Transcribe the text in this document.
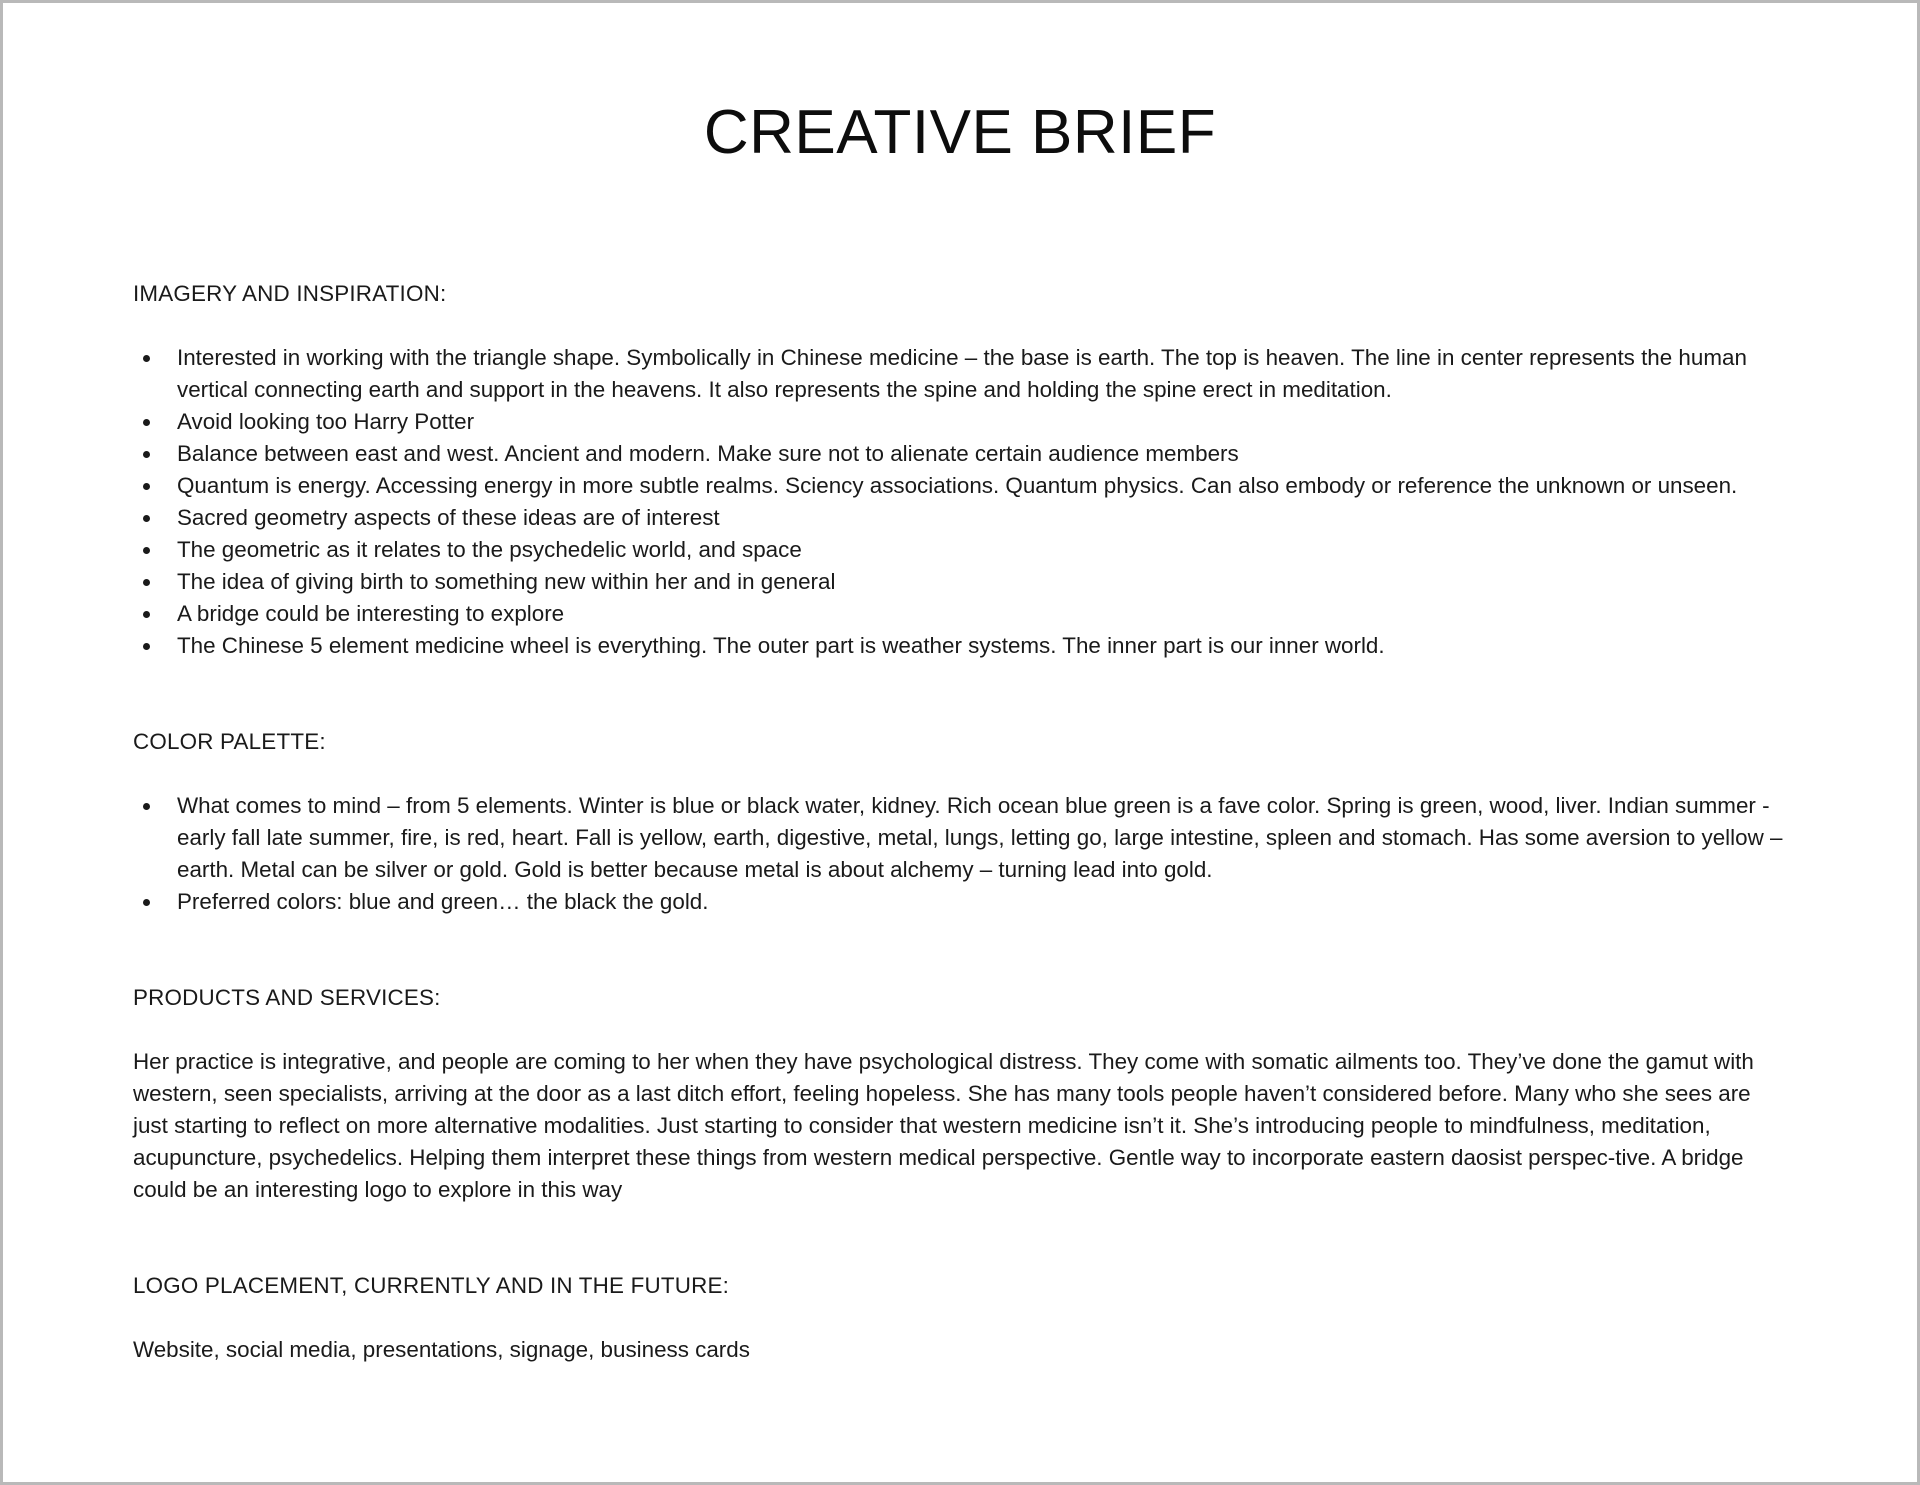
CREATIVE BRIEF
IMAGERY AND INSPIRATION:
Interested in working with the triangle shape. Symbolically in Chinese medicine – the base is earth. The top is heaven. The line in center represents the human vertical connecting earth and support in the heavens. It also represents the spine and holding the spine erect in meditation.
Avoid looking too Harry Potter
Balance between east and west. Ancient and modern. Make sure not to alienate certain audience members
Quantum is energy. Accessing energy in more subtle realms. Sciency associations. Quantum physics. Can also embody or reference the unknown or unseen.
Sacred geometry aspects of these ideas are of interest
The geometric as it relates to the psychedelic world, and space
The idea of giving birth to something new within her and in general
A bridge could be interesting to explore
The Chinese 5 element medicine wheel is everything. The outer part is weather systems. The inner part is our inner world.
COLOR PALETTE:
What comes to mind – from 5 elements. Winter is blue or black water, kidney. Rich ocean blue green is a fave color. Spring is green, wood, liver. Indian summer - early fall late summer, fire, is red, heart. Fall is yellow, earth, digestive, metal, lungs, letting go, large intestine, spleen and stomach. Has some aversion to yellow – earth. Metal can be silver or gold. Gold is better because metal is about alchemy – turning lead into gold.
Preferred colors: blue and green… the black the gold.
PRODUCTS AND SERVICES:

Her practice is integrative, and people are coming to her when they have psychological distress. They come with somatic ailments too. They’ve done the gamut with western, seen specialists, arriving at the door as a last ditch effort, feeling hopeless. She has many tools people haven’t considered before. Many who she sees are just starting to reflect on more alternative modalities. Just starting to consider that western medicine isn’t it. She’s introducing people to mindfulness, meditation, acupuncture, psychedelics. Helping them interpret these things from western medical perspective. Gentle way to incorporate eastern daosist perspec-tive. A bridge could be an interesting logo to explore in this way

LOGO PLACEMENT, CURRENTLY AND IN THE FUTURE:

Website, social media, presentations, signage, business cards
